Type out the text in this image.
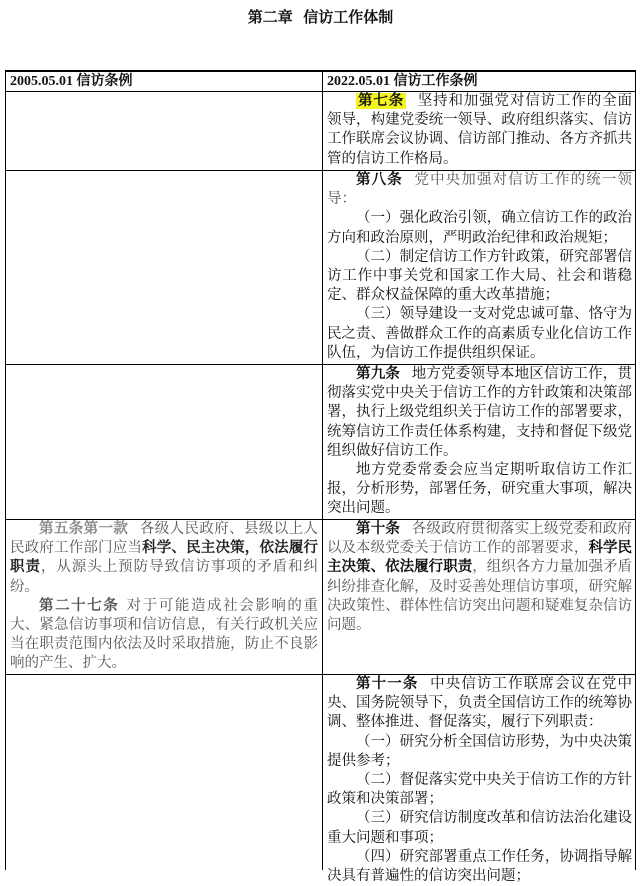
第二章  信访工作体制
2005.05.01 信访条例	2022.05.01 信访工作条例

第七条 坚持和加强党对信访工作的全面领导，构建党委统一领导、政府组织落实、信访工作联席会议协调、信访部门推动、各方齐抓共管的信访工作格局。

第八条 党中央加强对信访工作的统一领导：

（一）强化政治引领，确立信访工作的政治方向和政治原则，严明政治纪律和政治规矩；

（二）制定信访工作方针政策，研究部署信访工作中事关党和国家工作大局、社会和谐稳定、群众权益保障的重大改革措施；

（三）领导建设一支对党忠诚可靠、恪守为民之责、善做群众工作的高素质专业化信访工作队伍，为信访工作提供组织保证。

第九条 地方党委领导本地区信访工作，贯彻落实党中央关于信访工作的方针政策和决策部署，执行上级党组织关于信访工作的部署要求，统筹信访工作责任体系构建，支持和督促下级党组织做好信访工作。

地方党委常委会应当定期听取信访工作汇报，分析形势，部署任务，研究重大事项，解决突出问题。

第五条第一款 各级人民政府、县级以上人民政府工作部门应当科学、民主决策，依法履行职责，从源头上预防导致信访事项的矛盾和纠纷。

第二十七条 对于可能造成社会影响的重大、紧急信访事项和信访信息，有关行政机关应当在职责范围内依法及时采取措施，防止不良影响的产生、扩大。

第十条 各级政府贯彻落实上级党委和政府以及本级党委关于信访工作的部署要求，科学民主决策、依法履行职责，组织各方力量加强矛盾纠纷排查化解，及时妥善处理信访事项，研究解决政策性、群体性信访突出问题和疑难复杂信访问题。

第十一条 中央信访工作联席会议在党中央、国务院领导下，负责全国信访工作的统筹协调、整体推进、督促落实，履行下列职责：

（一）研究分析全国信访形势，为中央决策提供参考；

（二）督促落实党中央关于信访工作的方针政策和决策部署；

（三）研究信访制度改革和信访法治化建设重大问题和事项；

（四）研究部署重点工作任务，协调指导解决具有普遍性的信访突出问题；
